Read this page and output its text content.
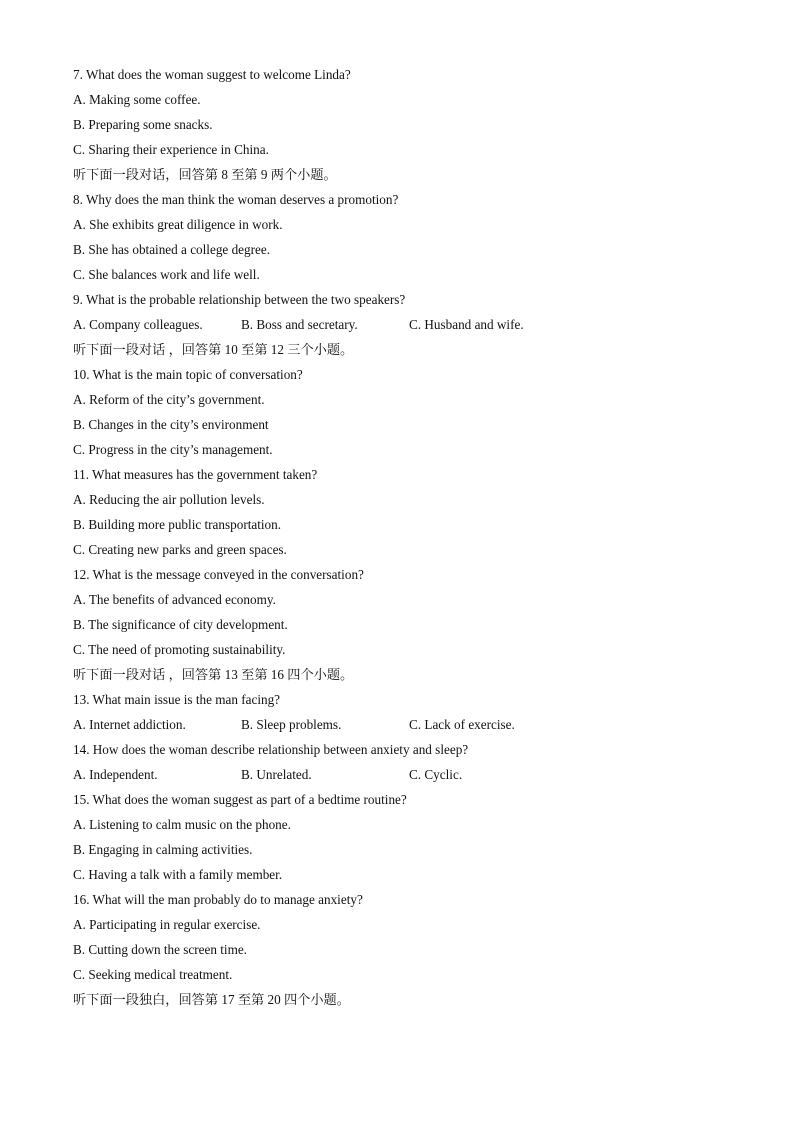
7. What does the woman suggest to welcome Linda?
A. Making some coffee.
B. Preparing some snacks.
C. Sharing their experience in China.
听下面一段对话，回答第 8 至第 9 两个小题。
8. Why does the man think the woman deserves a promotion?
A. She exhibits great diligence in work.
B. She has obtained a college degree.
C. She balances work and life well.
9. What is the probable relationship between the two speakers?
A. Company colleagues.	B. Boss and secretary.	C. Husband and wife.
听下面一段对话 ，回答第 10 至第 12 三个小题。
10. What is the main topic of conversation?
A. Reform of the city’s government.
B. Changes in the city’s environment
C. Progress in the city’s management.
11. What measures has the government taken?
A. Reducing the air pollution levels.
B. Building more public transportation.
C. Creating new parks and green spaces.
12. What is the message conveyed in the conversation?
A. The benefits of advanced economy.
B. The significance of city development.
C. The need of promoting sustainability.
听下面一段对话 ，回答第 13 至第 16 四个小题。
13. What main issue is the man facing?
A. Internet addiction.	B. Sleep problems.	C. Lack of exercise.
14. How does the woman describe relationship between anxiety and sleep?
A. Independent.	B. Unrelated.	C. Cyclic.
15. What does the woman suggest as part of a bedtime routine?
A. Listening to calm music on the phone.
B. Engaging in calming activities.
C. Having a talk with a family member.
16. What will the man probably do to manage anxiety?
A. Participating in regular exercise.
B. Cutting down the screen time.
C. Seeking medical treatment.
听下面一段独白，回答第 17 至第 20 四个小题。
